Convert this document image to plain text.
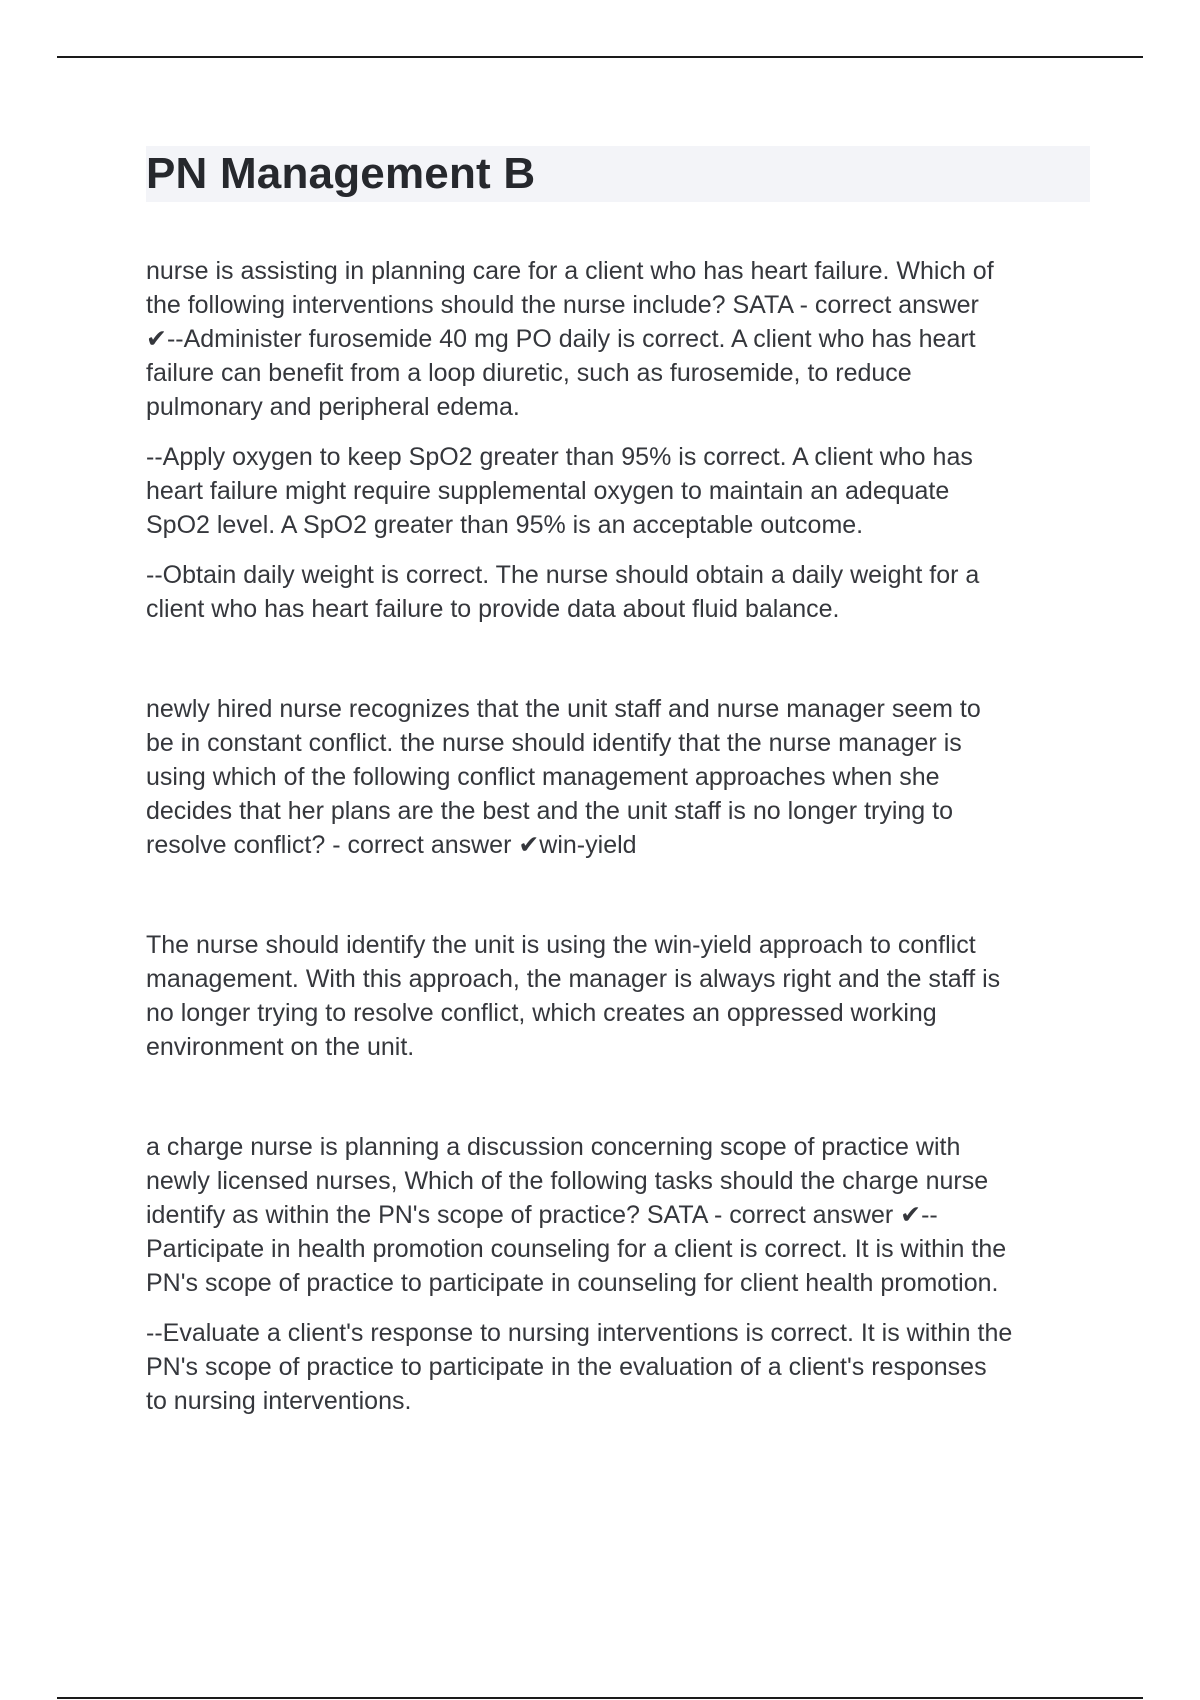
PN Management B

nurse is assisting in planning care for a client who has heart failure. Which of
the following interventions should the nurse include? SATA - correct answer
✔--Administer furosemide 40 mg PO daily is correct. A client who has heart
failure can benefit from a loop diuretic, such as furosemide, to reduce
pulmonary and peripheral edema.

--Apply oxygen to keep SpO2 greater than 95% is correct. A client who has
heart failure might require supplemental oxygen to maintain an adequate
SpO2 level. A SpO2 greater than 95% is an acceptable outcome.

--Obtain daily weight is correct. The nurse should obtain a daily weight for a
client who has heart failure to provide data about fluid balance.

newly hired nurse recognizes that the unit staff and nurse manager seem to
be in constant conflict. the nurse should identify that the nurse manager is
using which of the following conflict management approaches when she
decides that her plans are the best and the unit staff is no longer trying to
resolve conflict? - correct answer ✔win-yield

The nurse should identify the unit is using the win-yield approach to conflict
management. With this approach, the manager is always right and the staff is
no longer trying to resolve conflict, which creates an oppressed working
environment on the unit.

a charge nurse is planning a discussion concerning scope of practice with
newly licensed nurses, Which of the following tasks should the charge nurse
identify as within the PN's scope of practice? SATA - correct answer ✔--
Participate in health promotion counseling for a client is correct. It is within the
PN's scope of practice to participate in counseling for client health promotion.

--Evaluate a client's response to nursing interventions is correct. It is within the
PN's scope of practice to participate in the evaluation of a client's responses
to nursing interventions.
